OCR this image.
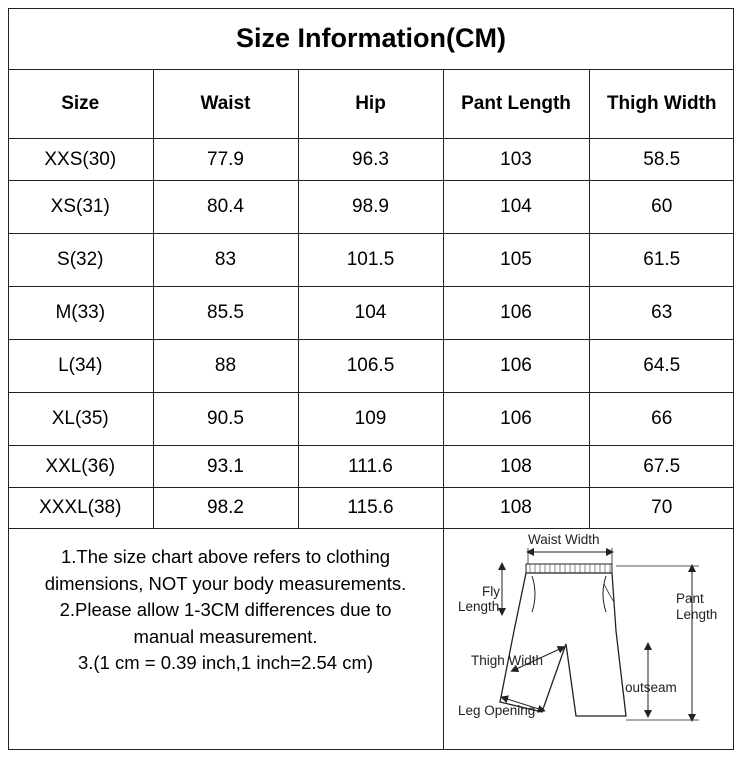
Size Information(CM)
Size	Waist	Hip	Pant Length	Thigh Width
XXS(30)	77.9	96.3	103	58.5
XS(31)	80.4	98.9	104	60
S(32)	83	101.5	105	61.5
M(33)	85.5	104	106	63
L(34)	88	106.5	106	64.5
XL(35)	90.5	109	106	66
XXL(36)	93.1	111.6	108	67.5
XXXL(38)	98.2	115.6	108	70
1.The size chart above refers to clothing
dimensions, NOT your body measurements.
2.Please allow 1-3CM differences due to
manual measurement.
3.(1 cm = 0.39 inch,1 inch=2.54 cm)
Waist Width
Fly
Length
Pant
Length
Thigh Width
outseam
Leg Opening
